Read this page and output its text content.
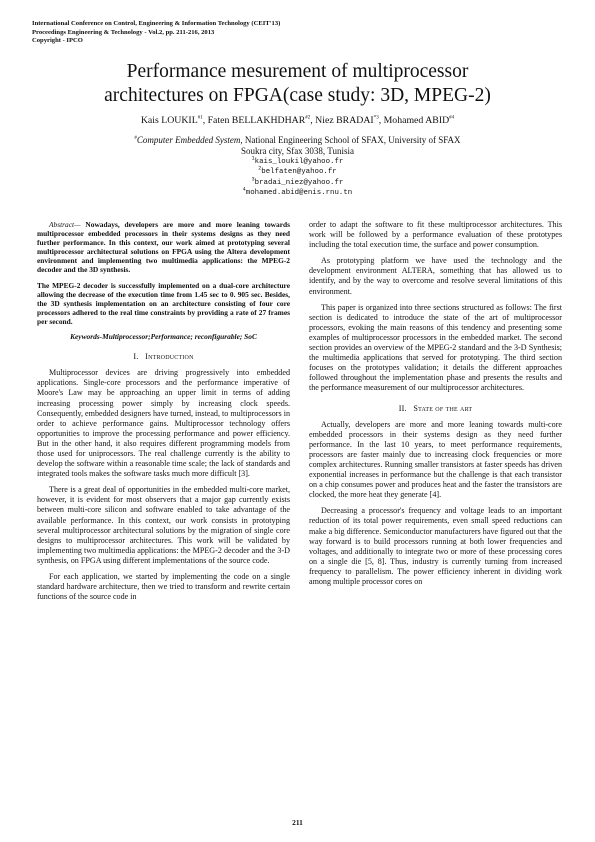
International Conference on Control, Engineering & Information Technology (CEIT'13)
Proceedings Engineering & Technology - Vol.2, pp. 211-216, 2013
Copyright - IPCO
Performance mesurement of multiprocessor
architectures on FPGA(case study: 3D, MPEG-2)
Kais LOUKIL$^{\#1}$, Faten BELLAKHDHAR$^{\#2}$, Niez BRADAI$^{*3}$, Mohamed ABID$^{\#4}$
#Computer Embedded System, National Engineering School of SFAX, University of SFAX
Soukra city, Sfax 3038, Tunisia
$^1$kais_loukil@yahoo.fr
$^2$belfaten@yahoo.fr
$^3$bradai_niez@yahoo.fr
$^4$mohamed.abid@enis.rnu.tn

Abstract— Nowadays, developers are more and more leaning towards multiprocessor embedded processors in their systems designs as they need further performance. In this context, our work aimed at prototyping several multiprocessor architectural solutions on FPGA using the Altera development environment and implementing two multimedia applications: the MPEG-2 decoder and the 3D synthesis.

The MPEG-2 decoder is successfully implemented on a dual-core architecture allowing the decrease of the execution time from 1.45 sec to 0. 905 sec. Besides, the 3D synthesis implementation on an architecture consisting of four core processors adhered to the real time constraints by providing a rate of 27 frames per second.

Keywords-Multiprocessor;Performance; reconfigurable; SoC
I. Introduction

Multiprocessor devices are driving progressively into embedded applications. Single-core processors and the performance imperative of Moore's Law may be approaching an upper limit in terms of adding increasing processing power simply by increasing clock speeds. Consequently, embedded designers have turned, instead, to multiprocessors in order to achieve performance gains. Multiprocessor technology offers opportunities to improve the processing performance and power efficiency. But in the other hand, it also requires different programming models from those used for uniprocessors. The real challenge currently is the ability to develop the software within a reasonable time scale; the lack of standards and integrated tools makes the software tasks much more difficult [3].

There is a great deal of opportunities in the embedded multi-core market, however, it is evident for most observers that a major gap currently exists between multi-core silicon and software enabled to take advantage of the available performance. In this context, our work consists in prototyping several multiprocessor architectural solutions by the migration of single core designs to multiprocessor architectures. This work will be validated by implementing two multimedia applications: the MPEG-2 decoder and the 3-D synthesis, on FPGA using different implementations of the source code.

For each application, we started by implementing the code on a single standard hardware architecture, then we tried to transform and rewrite certain functions of the source code in

order to adapt the software to fit these multiprocessor architectures. This work will be followed by a performance evaluation of these prototypes including the total execution time, the surface and power consumption.

As prototyping platform we have used the technology and the development environment ALTERA, something that has allowed us to identify, and by the way to overcome and resolve several limitations of this environment.

This paper is organized into three sections structured as follows: The first section is dedicated to introduce the state of the art of multiprocessor processors, evoking the main reasons of this tendency and presenting some examples of multiprocessor processors in the embedded market. The second section provides an overview of the MPEG-2 standard and the 3-D Synthesis; the multimedia applications that served for prototyping. The third section focuses on the prototypes validation; it details the different approaches followed throughout the implementation phase and presents the results and the performance measurement of our multiprocessor architectures.

II. State of the art

Actually, developers are more and more leaning towards multi-core embedded processors in their systems design as they need further performance. In the last 10 years, to meet performance requirements, processors are faster mainly due to increasing clock frequencies or more complex architectures. Running smaller transistors at faster speeds has driven exponential increases in performance but the challenge is that each transistor on a chip consumes power and produces heat and the faster the transistors are clocked, the more heat they generate [4].

Decreasing a processor's frequency and voltage leads to an important reduction of its total power requirements, even small speed reductions can make a big difference. Semiconductor manufacturers have figured out that the way forward is to build processors running at both lower frequencies and voltages, and additionally to integrate two or more of these processing cores on a single die [5, 8]. Thus, industry is currently turning from increased frequency to parallelism. The power efficiency inherent in dividing work among multiple processor cores on

211
